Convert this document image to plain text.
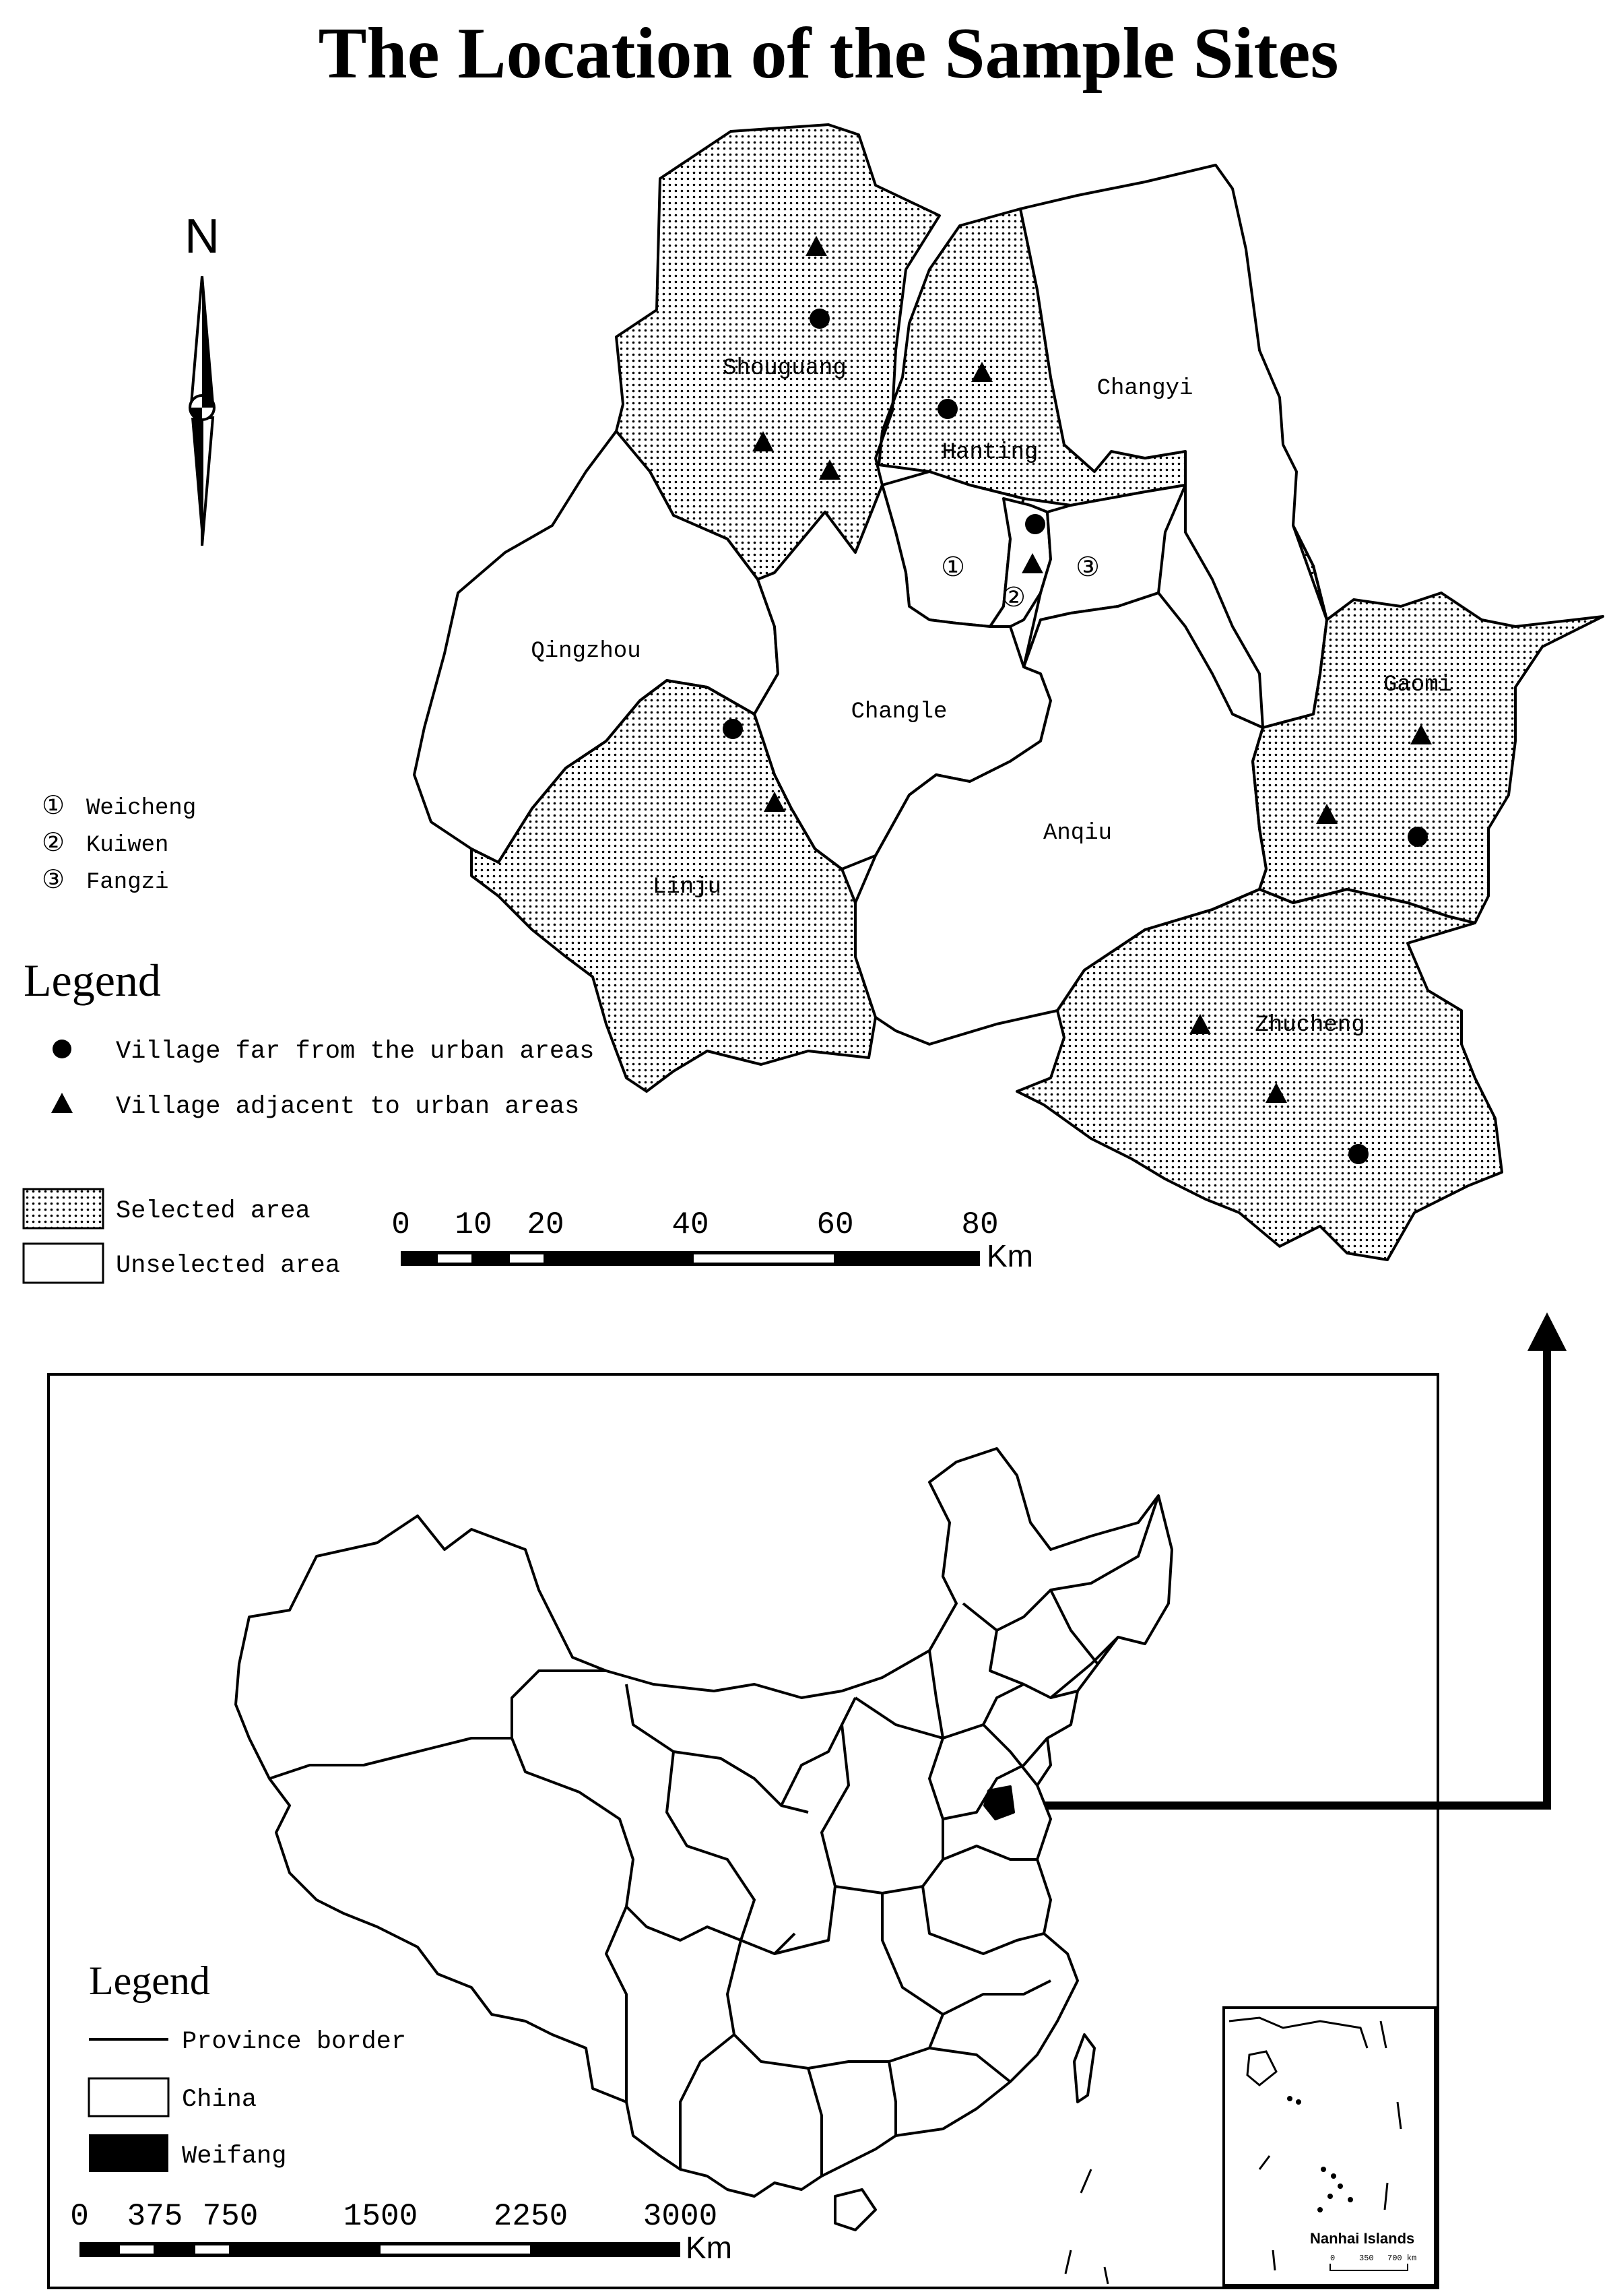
The Location of the Sample Sites
N
Shouguang
Hanting
Changyi
Qingzhou
Changle
Linju
Anqiu
Gaomi
Zhucheng
①
②
③
① Weicheng
② Kuiwen
③ Fangzi
Legend
Village far from the urban areas
Village adjacent to urban areas
Selected area
Unselected area
0 10 20	40	60	80
Km
Legend
Province border
China
Weifang
0 375 750	1500 2250 3000
Km	Nanhai Islands
0	350 700 km
